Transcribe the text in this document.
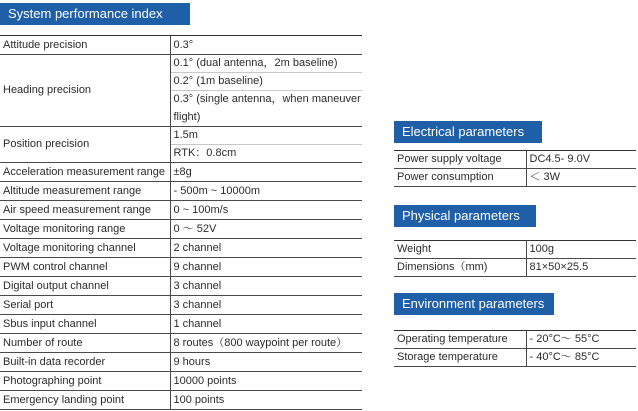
System performance index
Attitude precision	0.3°
Heading precision	0.1° (dual antenna，2m baseline)
	0.2° (1m baseline)
	0.3° (single antenna，when maneuver
	flight)
Position precision	1.5m
	RTK：0.8cm
Acceleration measurement range	±8g
Altitude measurement range	- 500m ~ 10000m
Air speed measurement range	0 ~ 100m/s
Voltage monitoring range	0 ～ 52V
Voltage monitoring channel	2 channel
PWM control channel	9 channel
Digital output channel	3 channel
Serial port	3 channel
Sbus input channel	1 channel
Number of route	8 routes（800 waypoint per route）
Built-in data recorder	9 hours
Photographing point	10000 points
Emergency landing point	100 points
Electrical parameters
Power supply voltage	DC4.5- 9.0V
Power consumption	＜ 3W
Physical parameters
Weight	100g
Dimensions（mm)	81×50×25.5
Environment parameters
Operating temperature	- 20°C～ 55°C
Storage temperature	- 40°C～ 85°C
